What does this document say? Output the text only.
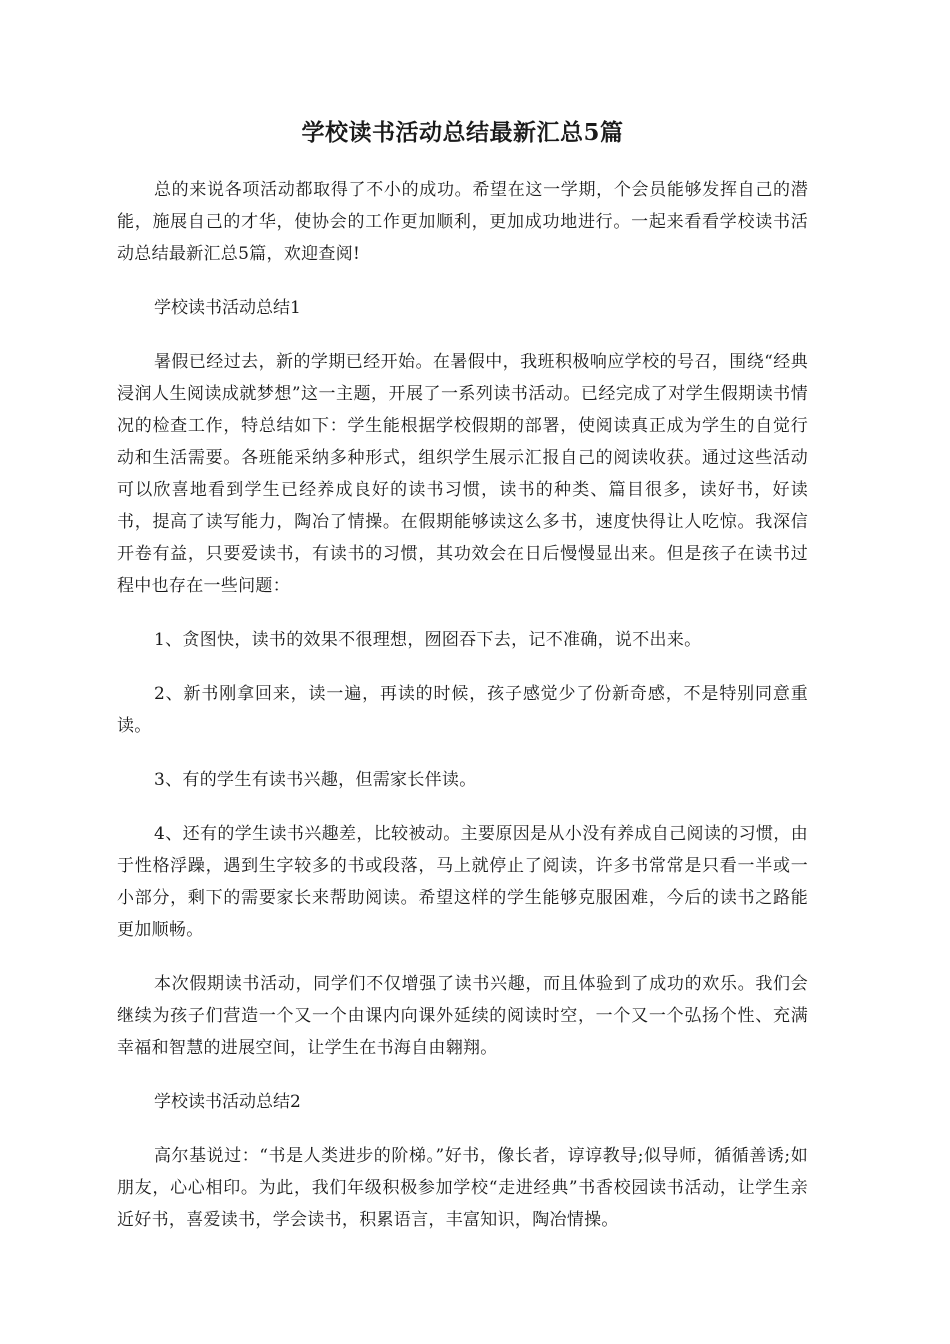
学校读书活动总结最新汇总5篇

总的来说各项活动都取得了不小的成功。希望在这一学期，个会员能够发挥自己的潜能，施展自己的才华，使协会的工作更加顺利，更加成功地进行。一起来看看学校读书活动总结最新汇总5篇，欢迎查阅!

学校读书活动总结1

暑假已经过去，新的学期已经开始。在暑假中，我班积极响应学校的号召，围绕“经典浸润人生阅读成就梦想”这一主题，开展了一系列读书活动。已经完成了对学生假期读书情况的检查工作，特总结如下：学生能根据学校假期的部署，使阅读真正成为学生的自觉行动和生活需要。各班能采纳多种形式，组织学生展示汇报自己的阅读收获。通过这些活动可以欣喜地看到学生已经养成良好的读书习惯，读书的种类、篇目很多，读好书，好读书，提高了读写能力，陶冶了情操。在假期能够读这么多书，速度快得让人吃惊。我深信开卷有益，只要爱读书，有读书的习惯，其功效会在日后慢慢显出来。但是孩子在读书过程中也存在一些问题：

1、贪图快，读书的效果不很理想，囫囵吞下去，记不准确，说不出来。

2、新书刚拿回来，读一遍，再读的时候，孩子感觉少了份新奇感，不是特别同意重读。

3、有的学生有读书兴趣，但需家长伴读。

4、还有的学生读书兴趣差，比较被动。主要原因是从小没有养成自己阅读的习惯，由于性格浮躁，遇到生字较多的书或段落，马上就停止了阅读，许多书常常是只看一半或一小部分，剩下的需要家长来帮助阅读。希望这样的学生能够克服困难，今后的读书之路能更加顺畅。

本次假期读书活动，同学们不仅增强了读书兴趣，而且体验到了成功的欢乐。我们会继续为孩子们营造一个又一个由课内向课外延续的阅读时空，一个又一个弘扬个性、充满幸福和智慧的进展空间，让学生在书海自由翱翔。

学校读书活动总结2

高尔基说过：“书是人类进步的阶梯。”好书，像长者，谆谆教导;似导师，循循善诱;如朋友，心心相印。为此，我们年级积极参加学校“走进经典”书香校园读书活动，让学生亲近好书，喜爱读书，学会读书，积累语言，丰富知识，陶冶情操。
